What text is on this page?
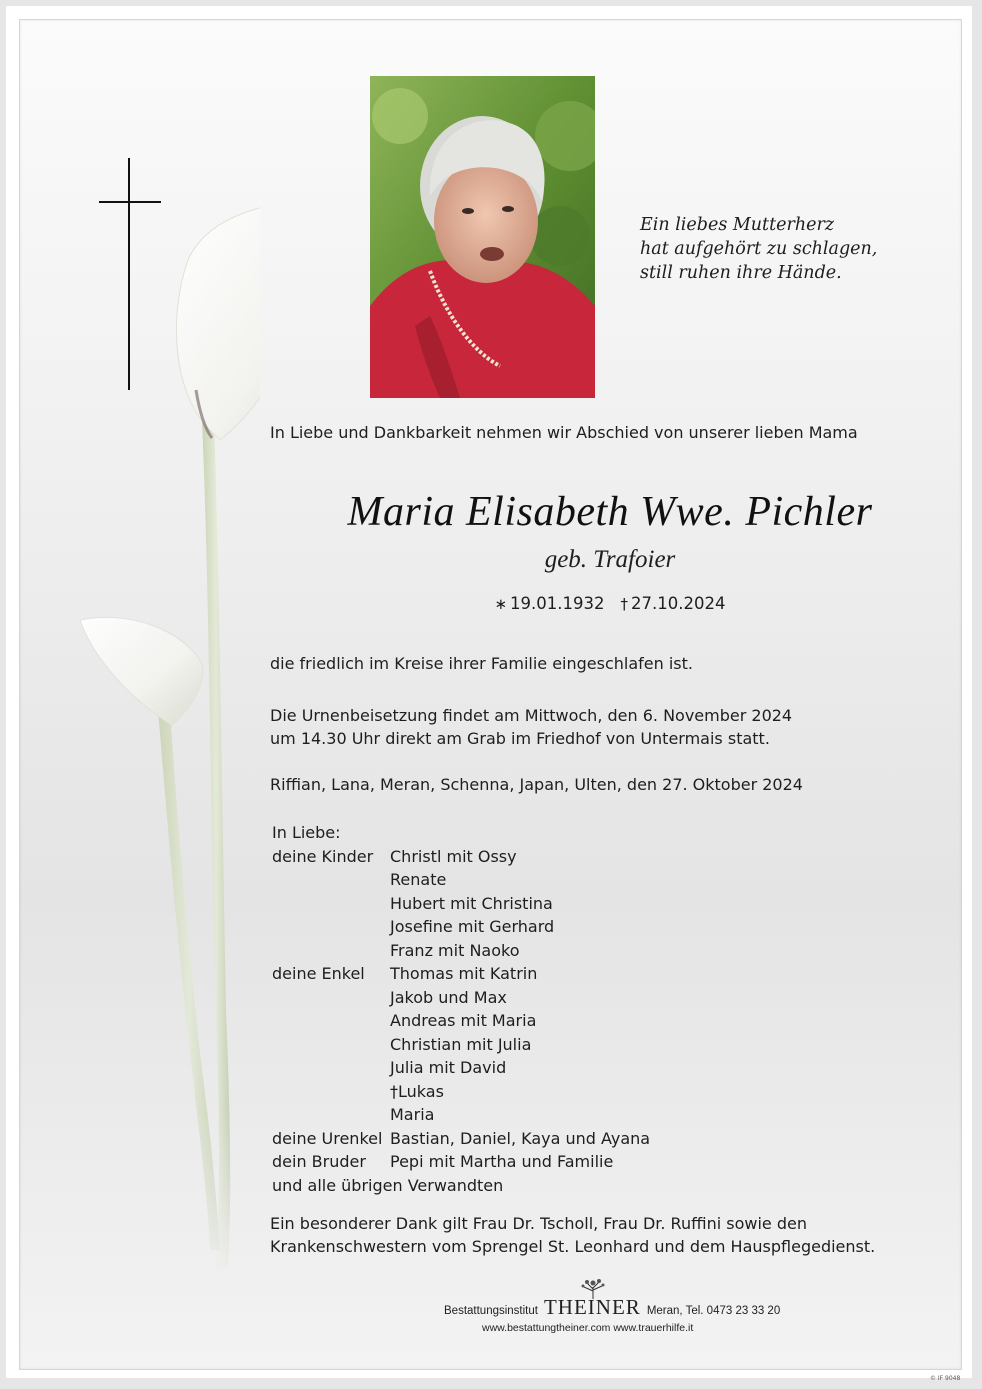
Ein liebes Mutterherz
hat aufgehört zu schlagen,
still ruhen ihre Hände.
In Liebe und Dankbarkeit nehmen wir Abschied von unserer lieben Mama
Maria Elisabeth Wwe. Pichler
geb. Trafoier
∗ 19.01.1932 † 27.10.2024
die friedlich im Kreise ihrer Familie eingeschlafen ist.
Die Urnenbeisetzung findet am Mittwoch, den 6. November 2024
um 14.30 Uhr direkt am Grab im Friedhof von Untermais statt.
Riffian, Lana, Meran, Schenna, Japan, Ulten, den 27. Oktober 2024
In Liebe:
deine Kinder	Christl mit Ossy
Renate
Hubert mit Christina
Josefine mit Gerhard
Franz mit Naoko
deine Enkel	Thomas mit Katrin
Jakob und Max
Andreas mit Maria
Christian mit Julia
Julia mit David
†Lukas
Maria
deine Urenkel Bastian, Daniel, Kaya und Ayana
dein Bruder	Pepi mit Martha und Familie
und alle übrigen Verwandten
Ein besonderer Dank gilt Frau Dr. Tscholl, Frau Dr. Ruffini sowie den
Krankenschwestern vom Sprengel St. Leonhard und dem Hauspflegedienst.
Bestattungsinstitut THEINER Meran, Tel. 0473 23 33 20
www.bestattungtheiner.com www.trauerhilfe.it
© IF 9048
